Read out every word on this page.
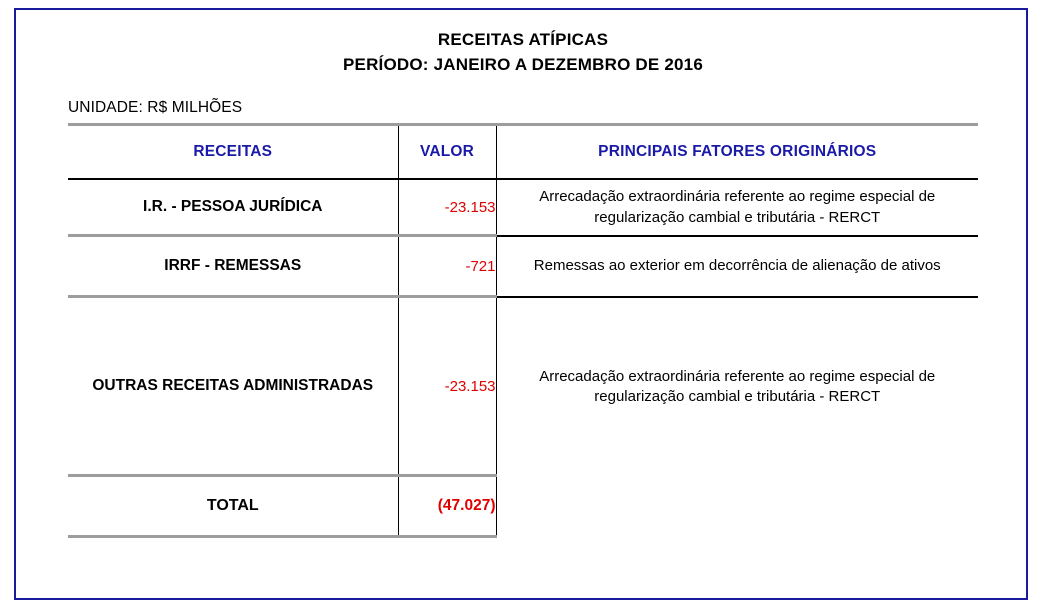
RECEITAS ATÍPICAS
PERÍODO: JANEIRO A DEZEMBRO DE 2016
UNIDADE: R$ MILHÕES
RECEITAS	VALOR	PRINCIPAIS FATORES ORIGINÁRIOS
I.R. - PESSOA JURÍDICA	-23.153	Arrecadação extraordinária referente ao regime especial de regularização cambial e tributária - RERCT
IRRF - REMESSAS	-721	Remessas ao exterior em decorrência de alienação de ativos
OUTRAS RECEITAS ADMINISTRADAS	-23.153	Arrecadação extraordinária referente ao regime especial de regularização cambial e tributária - RERCT
TOTAL	(47.027)	
